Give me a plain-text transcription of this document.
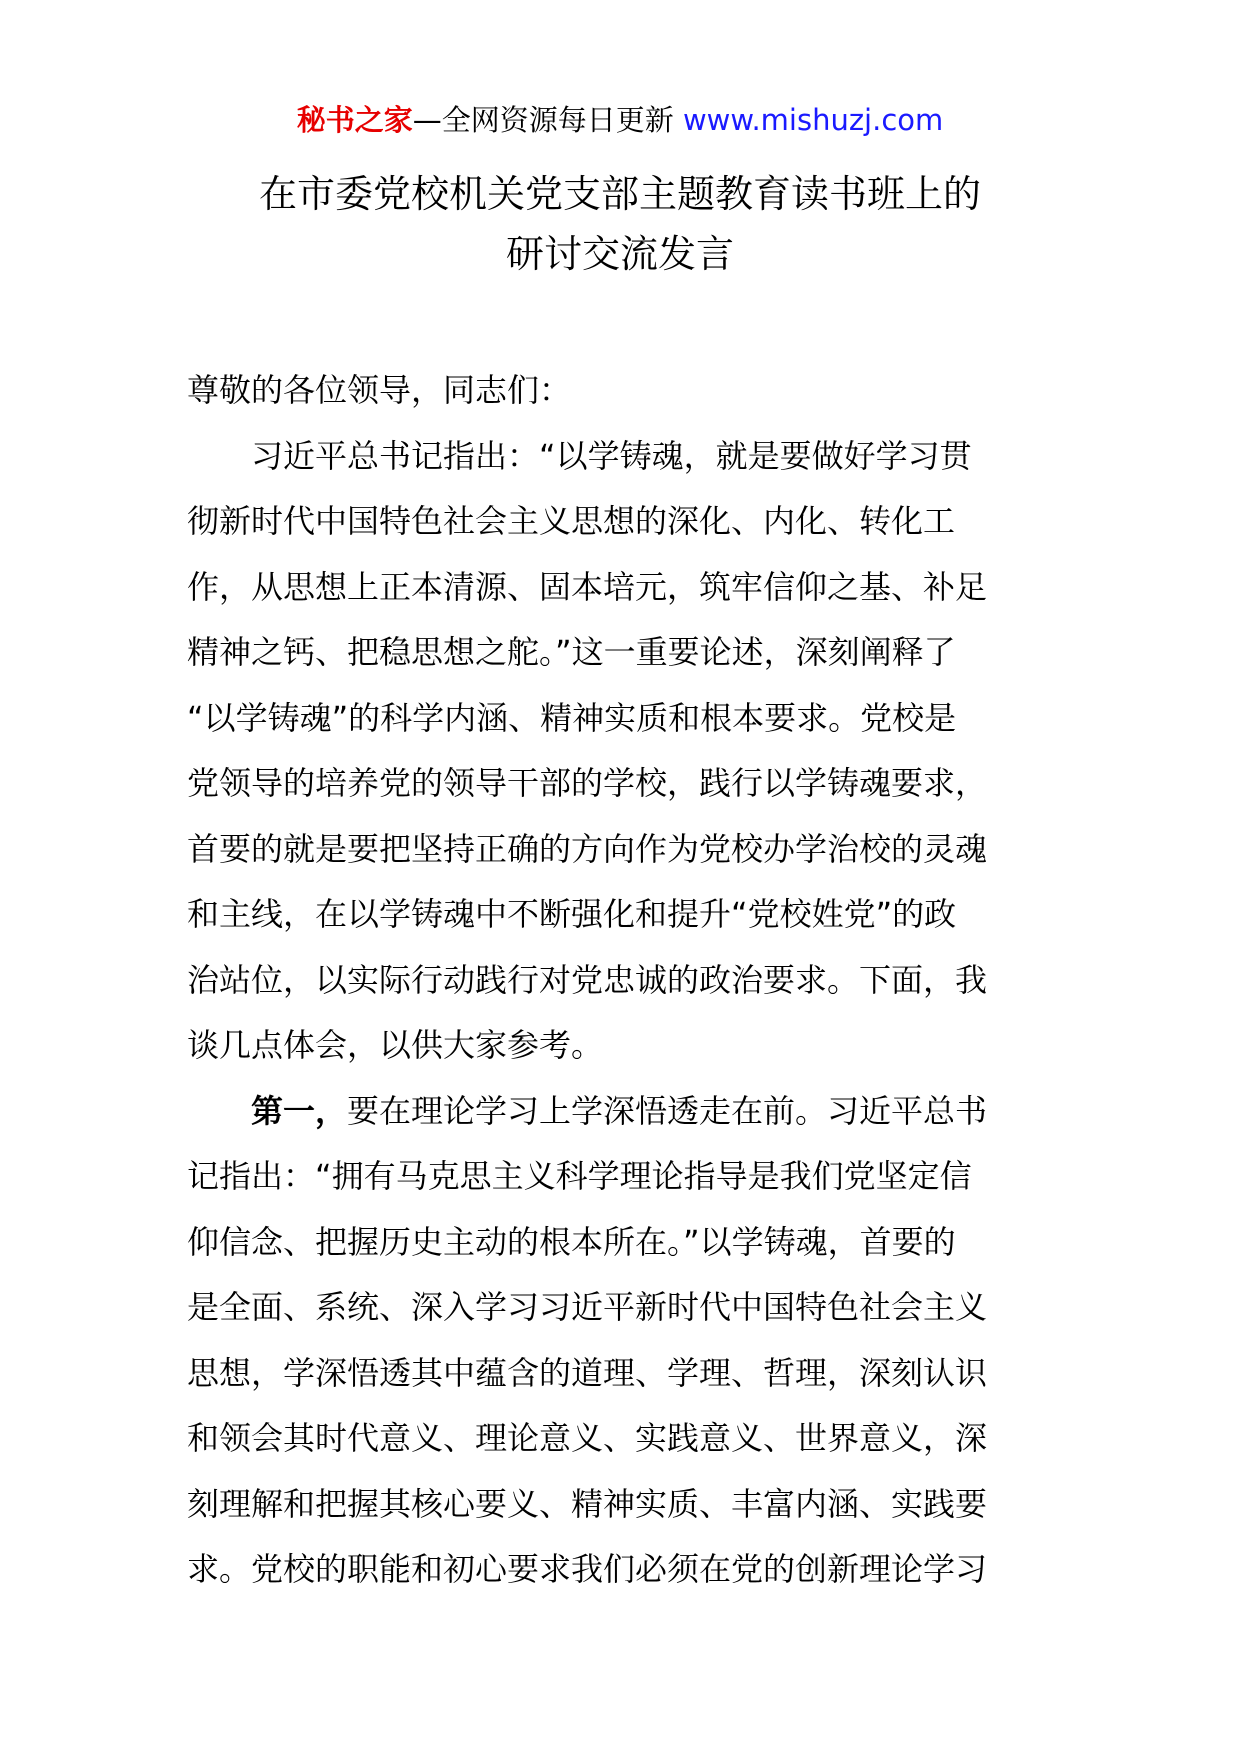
秘书之家—全网资源每日更新 www.mishuzj.com
在市委党校机关党支部主题教育读书班上的
研讨交流发言
尊敬的各位领导，同志们：
习近平总书记指出：“以学铸魂，就是要做好学习贯
彻新时代中国特色社会主义思想的深化、内化、转化工
作，从思想上正本清源、固本培元，筑牢信仰之基、补足
精神之钙、把稳思想之舵。”这一重要论述，深刻阐释了
“以学铸魂”的科学内涵、精神实质和根本要求。党校是
党领导的培养党的领导干部的学校，践行以学铸魂要求，
首要的就是要把坚持正确的方向作为党校办学治校的灵魂
和主线，在以学铸魂中不断强化和提升“党校姓党”的政
治站位，以实际行动践行对党忠诚的政治要求。下面，我
谈几点体会，以供大家参考。
第一，要在理论学习上学深悟透走在前。习近平总书
记指出：“拥有马克思主义科学理论指导是我们党坚定信
仰信念、把握历史主动的根本所在。”以学铸魂，首要的
是全面、系统、深入学习习近平新时代中国特色社会主义
思想，学深悟透其中蕴含的道理、学理、哲理，深刻认识
和领会其时代意义、理论意义、实践意义、世界意义，深
刻理解和把握其核心要义、精神实质、丰富内涵、实践要
求。党校的职能和初心要求我们必须在党的创新理论学习
